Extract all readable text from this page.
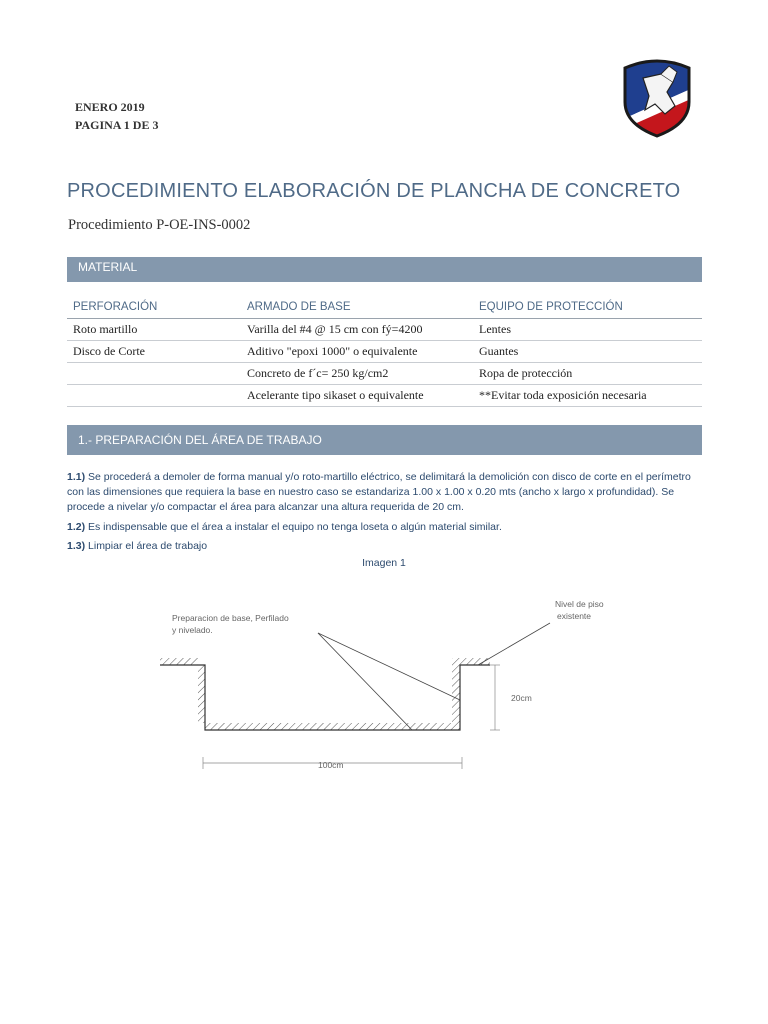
ENERO 2019
PAGINA 1 DE 3
PROCEDIMIENTO ELABORACIÓN DE PLANCHA DE CONCRETO
Procedimiento P-OE-INS-0002
MATERIAL
PERFORACIÓN	ARMADO DE BASE	EQUIPO DE PROTECCIÓN
Roto martillo	Varilla del #4 @ 15 cm con fý=4200	Lentes
Disco de Corte	Aditivo "epoxi 1000" o equivalente	Guantes
	Concreto de f´c= 250 kg/cm2	Ropa de protección
	Acelerante tipo sikaset o equivalente	**Evitar toda exposición necesaria
1.- PREPARACIÓN DEL ÁREA DE TRABAJO
1.1) Se procederá a demoler de forma manual y/o roto-martillo eléctrico, se delimitará la demolición con disco de corte en el perímetro con las dimensiones que requiera la base en nuestro caso se estandariza 1.00 x 1.00 x 0.20 mts (ancho x largo x profundidad). Se procede a nivelar y/o compactar el área para alcanzar una altura requerida de 20 cm.
1.2) Es indispensable que el área a instalar el equipo no tenga loseta o algún material similar.
1.3) Limpiar el área de trabajo
Imagen 1
Preparacion de base, Perfilado
y nivelado.
Nivel de piso
existente
20cm
100cm
